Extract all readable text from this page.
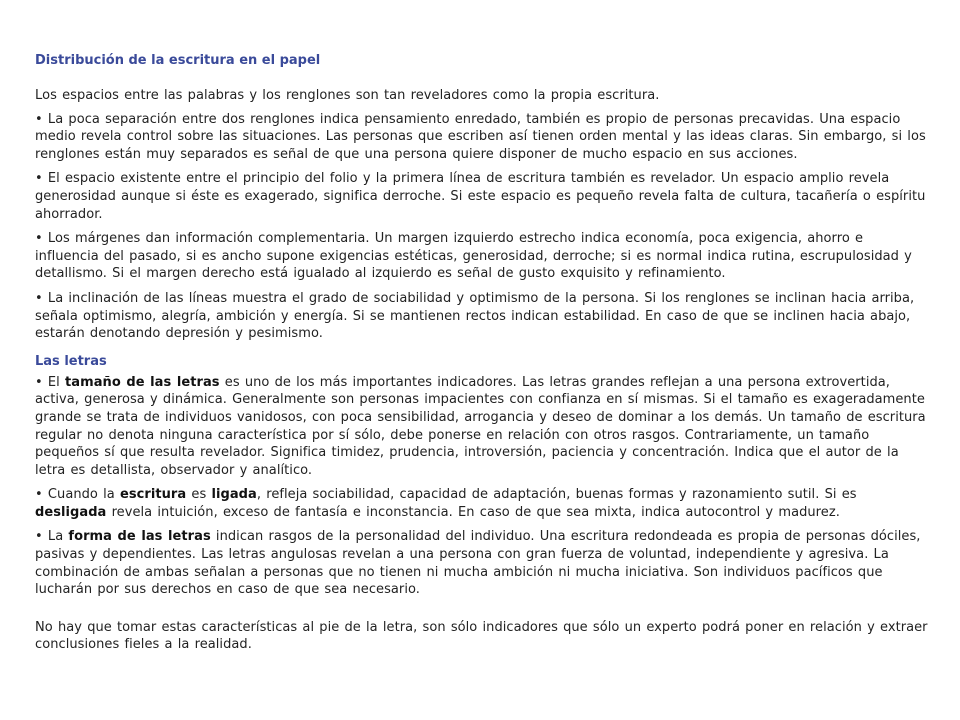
Distribución de la escritura en el papel

Los espacios entre las palabras y los renglones son tan reveladores como la propia escritura.

• La poca separación entre dos renglones indica pensamiento enredado, también es propio de personas precavidas. Una espacio medio revela control sobre las situaciones. Las personas que escriben así tienen orden mental y las ideas claras. Sin embargo, si los renglones están muy separados es señal de que una persona quiere disponer de mucho espacio en sus acciones.

• El espacio existente entre el principio del folio y la primera línea de escritura también es revelador. Un espacio amplio revela generosidad aunque si éste es exagerado, significa derroche. Si este espacio es pequeño revela falta de cultura, tacañería o espíritu ahorrador.

• Los márgenes dan información complementaria. Un margen izquierdo estrecho indica economía, poca exigencia, ahorro e influencia del pasado, si es ancho supone exigencias estéticas, generosidad, derroche; si es normal indica rutina, escrupulosidad y detallismo. Si el margen derecho está igualado al izquierdo es señal de gusto exquisito y refinamiento.

• La inclinación de las líneas muestra el grado de sociabilidad y optimismo de la persona. Si los renglones se inclinan hacia arriba, señala optimismo, alegría, ambición y energía. Si se mantienen rectos indican estabilidad. En caso de que se inclinen hacia abajo, estarán denotando depresión y pesimismo.

Las letras

• El tamaño de las letras es uno de los más importantes indicadores. Las letras grandes reflejan a una persona extrovertida, activa, generosa y dinámica. Generalmente son personas impacientes con confianza en sí mismas. Si el tamaño es exageradamente grande se trata de individuos vanidosos, con poca sensibilidad, arrogancia y deseo de dominar a los demás. Un tamaño de escritura regular no denota ninguna característica por sí sólo, debe ponerse en relación con otros rasgos. Contrariamente, un tamaño pequeños sí que resulta revelador. Significa timidez, prudencia, introversión, paciencia y concentración. Indica que el autor de la letra es detallista, observador y analítico.

• Cuando la escritura es ligada, refleja sociabilidad, capacidad de adaptación, buenas formas y razonamiento sutil. Si es desligada revela intuición, exceso de fantasía e inconstancia. En caso de que sea mixta, indica autocontrol y madurez.

• La forma de las letras indican rasgos de la personalidad del individuo. Una escritura redondeada es propia de personas dóciles, pasivas y dependientes. Las letras angulosas revelan a una persona con gran fuerza de voluntad, independiente y agresiva. La combinación de ambas señalan a personas que no tienen ni mucha ambición ni mucha iniciativa. Son individuos pacíficos que lucharán por sus derechos en caso de que sea necesario.

No hay que tomar estas características al pie de la letra, son sólo indicadores que sólo un experto podrá poner en relación y extraer conclusiones fieles a la realidad.
